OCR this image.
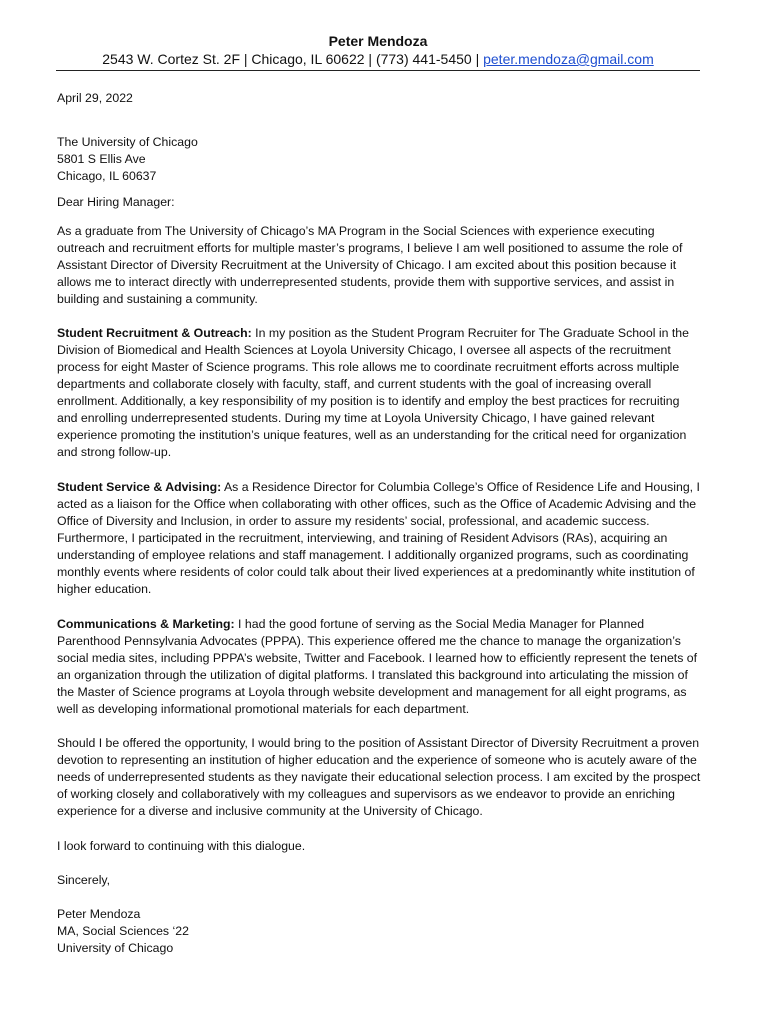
Peter Mendoza
2543 W. Cortez St. 2F | Chicago, IL 60622 | (773) 441-5450 | peter.mendoza@gmail.com
April 29, 2022

The University of Chicago

5801 S Ellis Ave

Chicago, IL 60637

Dear Hiring Manager:

As a graduate from The University of Chicago’s MA Program in the Social Sciences with experience executing outreach and recruitment efforts for multiple master’s programs, I believe I am well positioned to assume the role of Assistant Director of Diversity Recruitment at the University of Chicago. I am excited about this position because it allows me to interact directly with underrepresented students, provide them with supportive services, and assist in building and sustaining a community.

Student Recruitment & Outreach: In my position as the Student Program Recruiter for The Graduate School in the Division of Biomedical and Health Sciences at Loyola University Chicago, I oversee all aspects of the recruitment process for eight Master of Science programs. This role allows me to coordinate recruitment efforts across multiple departments and collaborate closely with faculty, staff, and current students with the goal of increasing overall enrollment. Additionally, a key responsibility of my position is to identify and employ the best practices for recruiting and enrolling underrepresented students. During my time at Loyola University Chicago, I have gained relevant experience promoting the institution’s unique features, well as an understanding for the critical need for organization and strong follow-up.

Student Service & Advising: As a Residence Director for Columbia College’s Office of Residence Life and Housing, I acted as a liaison for the Office when collaborating with other offices, such as the Office of Academic Advising and the Office of Diversity and Inclusion, in order to assure my residents’ social, professional, and academic success. Furthermore, I participated in the recruitment, interviewing, and training of Resident Advisors (RAs), acquiring an understanding of employee relations and staff management. I additionally organized programs, such as coordinating monthly events where residents of color could talk about their lived experiences at a predominantly white institution of higher education.

Communications & Marketing: I had the good fortune of serving as the Social Media Manager for Planned Parenthood Pennsylvania Advocates (PPPA). This experience offered me the chance to manage the organization’s social media sites, including PPPA’s website, Twitter and Facebook. I learned how to efficiently represent the tenets of an organization through the utilization of digital platforms. I translated this background into articulating the mission of the Master of Science programs at Loyola through website development and management for all eight programs, as well as developing informational promotional materials for each department.

Should I be offered the opportunity, I would bring to the position of Assistant Director of Diversity Recruitment a proven devotion to representing an institution of higher education and the experience of someone who is acutely aware of the needs of underrepresented students as they navigate their educational selection process. I am excited by the prospect of working closely and collaboratively with my colleagues and supervisors as we endeavor to provide an enriching experience for a diverse and inclusive community at the University of Chicago.

I look forward to continuing with this dialogue.
Sincerely,

Peter Mendoza

MA, Social Sciences ‘22

University of Chicago
